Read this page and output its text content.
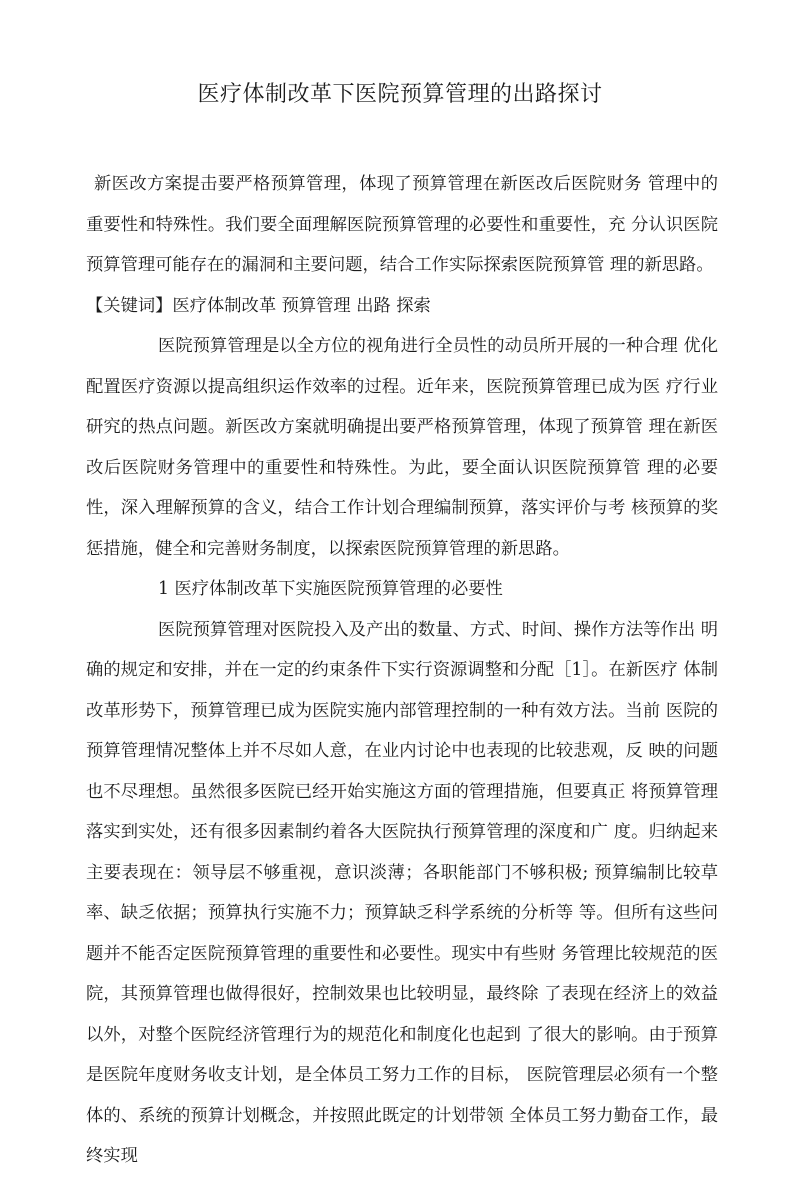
医疗体制改革下医院预算管理的出路探讨

新医改方案提击要严格预算管理，体现了预算管理在新医改后医院财务 管理中的重要性和特殊性。我们要全面理解医院预算管理的必要性和重要性，充 分认识医院预算管理可能存在的漏洞和主要问题，结合工作实际探索医院预算管 理的新思路。

【关键词】医疗体制改革 预算管理 出路 探索

医院预算管理是以全方位的视角进行全员性的动员所开展的一种合理 优化配置医疗资源以提高组织运作效率的过程。近年来，医院预算管理已成为医 疗行业研究的热点问题。新医改方案就明确提出要严格预算管理，体现了预算管 理在新医改后医院财务管理中的重要性和特殊性。为此，要全面认识医院预算管 理的必要性，深入理解预算的含义，结合工作计划合理编制预算，落实评价与考 核预算的奖惩措施，健全和完善财务制度，以探索医院预算管理的新思路。

1 医疗体制改革下实施医院预算管理的必要性

医院预算管理对医院投入及产出的数量、方式、时间、操作方法等作出 明确的规定和安排，并在一定的约束条件下实行资源调整和分配［1］。在新医疗 体制改革形势下，预算管理已成为医院实施内部管理控制的一种有效方法。当前 医院的预算管理情况整体上并不尽如人意，在业内讨论中也表现的比较悲观，反 映的问题也不尽理想。虽然很多医院已经开始实施这方面的管理措施，但要真正 将预算管理落实到实处，还有很多因素制约着各大医院执行预算管理的深度和广 度。归纳起来主要表现在：领导层不够重视，意识淡薄；各职能部门不够积极; 预算编制比较草率、缺乏依据；预算执行实施不力；预算缺乏科学系统的分析等 等。但所有这些问题并不能否定医院预算管理的重要性和必要性。现实中有些财 务管理比较规范的医院，其预算管理也做得很好，控制效果也比较明显，最终除 了表现在经济上的效益以外，对整个医院经济管理行为的规范化和制度化也起到 了很大的影响。由于预算是医院年度财务收支计划，是全体员工努力工作的目标， 医院管理层必须有一个整体的、系统的预算计划概念，并按照此既定的计划带领 全体员工努力勤奋工作，最终实现
